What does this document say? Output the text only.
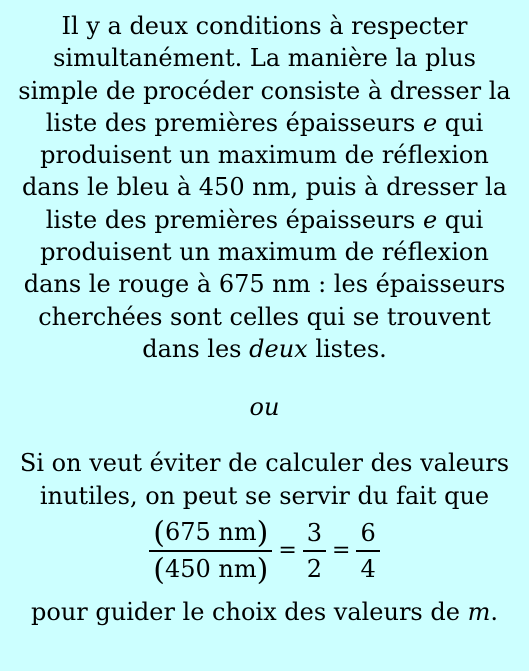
Il y a deux conditions à respecter simultanément. La manière la plus simple de procéder consiste à dresser la liste des premières épaisseurs e qui produisent un maximum de réflexion dans le bleu à 450 nm, puis à dresser la liste des premières épaisseurs e qui produisent un maximum de réflexion dans le rouge à 675 nm : les épaisseurs cherchées sont celles qui se trouvent dans les deux listes.

ou

Si on veut éviter de calculer des valeurs inutiles, on peut se servir du fait que

$\frac{(675 nm)}{(450 nm)} = \frac{3}{2} = \frac{6}{4}$

pour guider le choix des valeurs de m.
